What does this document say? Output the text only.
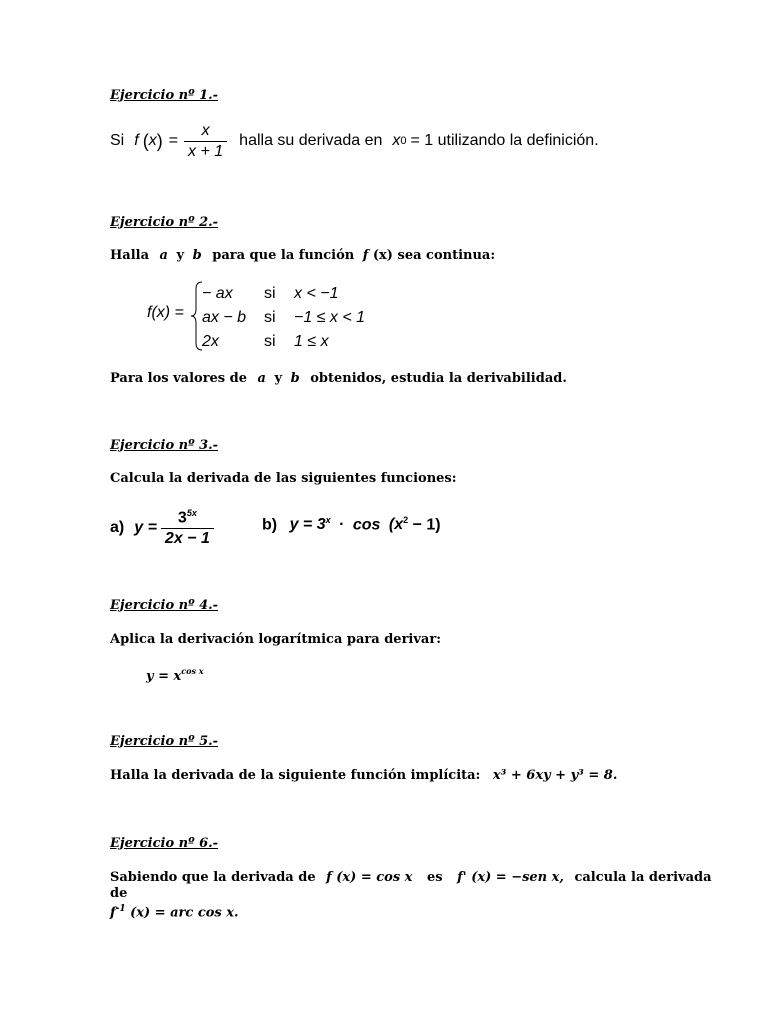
Ejercicio nº 1.-
Si f ( x ) = $\frac{x}{x + 1}$ halla su derivada en x 0 = 1 utilizando la definición.
Ejercicio nº 2.-
Halla a y b para que la función f (x) sea continua:
f(x) =
− ax	si	x < −1
ax − b	si	−1 ≤ x < 1
2x	si	1 ≤ x
Para los valores de a y b obtenidos, estudia la derivabilidad.
Ejercicio nº 3.-
Calcula la derivada de las siguientes funciones:
a) $y = \frac{3^{5x}}{2x - 1}$	b) $y = 3^x \cdot \cos (x^2 - 1)$
Ejercicio nº 4.-
Aplica la derivación logarítmica para derivar:
$y = x^{cos x}$
Ejercicio nº 5.-
Halla la derivada de la siguiente función implícita: x³ + 6xy + y³ = 8.
Ejercicio nº 6.-
Sabiendo que la derivada de f (x) = cos x es f' (x) = −sen x, calcula la derivada
de
$f^{-1}$ (x) = arc cos x.
